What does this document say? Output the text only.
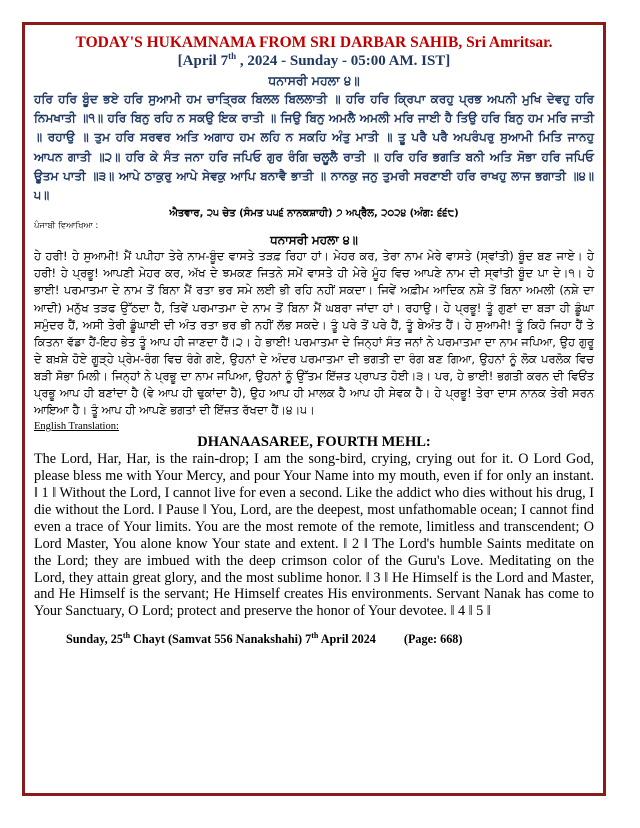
TODAY'S HUKAMNAMA FROM SRI DARBAR SAHIB, Sri Amritsar.

[April 7th , 2024 - Sunday - 05:00 AM. IST]

ਧਨਾਸਰੀ ਮਹਲਾ ੪॥

ਹਰਿ ਹਰਿ ਬੂੰਦ ਭਏ ਹਰਿ ਸੁਆਮੀ ਹਮ ਚਾਤ੍ਰਿਕ ਬਿਲਲ ਬਿਲਲਾਤੀ ॥ ਹਰਿ ਹਰਿ ਕ੍ਰਿਪਾ ਕਰਹੁ ਪ੍ਰਭ ਅਪਨੀ ਮੁਖਿ ਦੇਵਹੁ ਹਰਿ ਨਿਮਖਾਤੀ ॥੧॥ ਹਰਿ ਬਿਨੁ ਰਹਿ ਨ ਸਕਉ ਇਕ ਰਾਤੀ ॥ ਜਿਉ ਬਿਨੁ ਅਮਲੈ ਅਮਲੀ ਮਰਿ ਜਾਈ ਹੈ ਤਿਉ ਹਰਿ ਬਿਨੁ ਹਮ ਮਰਿ ਜਾਤੀ ॥ ਰਹਾਉ ॥ ਤੁਮ ਹਰਿ ਸਰਵਰ ਅਤਿ ਅਗਾਹ ਹਮ ਲਹਿ ਨ ਸਕਹਿ ਅੰਤੁ ਮਾਤੀ ॥ ਤੂ ਪਰੈ ਪਰੈ ਅਪਰੰਪਰੁ ਸੁਆਮੀ ਮਿਤਿ ਜਾਨਹੁ ਆਪਨ ਗਾਤੀ ॥੨॥ ਹਰਿ ਕੇ ਸੰਤ ਜਨਾ ਹਰਿ ਜਪਿਓ ਗੁਰ ਰੰਗਿ ਚਲੂਲੈ ਰਾਤੀ ॥ ਹਰਿ ਹਰਿ ਭਗਤਿ ਬਨੀ ਅਤਿ ਸੋਭਾ ਹਰਿ ਜਪਿਓ ਊਤਮ ਪਾਤੀ ॥੩॥ ਆਪੇ ਠਾਕੁਰੁ ਆਪੇ ਸੇਵਕੁ ਆਪਿ ਬਨਾਵੈ ਭਾਤੀ ॥ ਨਾਨਕੁ ਜਨੁ ਤੁਮਰੀ ਸਰਣਾਈ ਹਰਿ ਰਾਖਹੁ ਲਾਜ ਭਗਾਤੀ ॥੪॥੫॥

ਐਤਵਾਰ, ੨੫ ਚੇਤ (ਸੰਮਤ ੫੫੬ ਨਾਨਕਸ਼ਾਹੀ) ੭ ਅਪ੍ਰੈਲ, ੨੦੨੪ (ਅੰਗ: ੬੬੮)

ਪੰਜਾਬੀ ਵਿਆਖਿਆ :

ਧਨਾਸਰੀ ਮਹਲਾ ੪॥

ਹੇ ਹਰੀ! ਹੇ ਸੁਆਮੀ! ਮੈਂ ਪਪੀਹਾ ਤੇਰੇ ਨਾਮ-ਬੂੰਦ ਵਾਸਤੇ ਤੜਫ਼ ਰਿਹਾ ਹਾਂ। ਮੇਹਰ ਕਰ, ਤੇਰਾ ਨਾਮ ਮੇਰੇ ਵਾਸਤੇ (ਸ੍ਵਾਂਤੀ) ਬੂੰਦ ਬਣ ਜਾਏ। ਹੇ ਹਰੀ! ਹੇ ਪ੍ਰਭੂ! ਆਪਣੀ ਮੇਹਰ ਕਰ, ਅੱਖ ਦੇ ਝਮਕਣ ਜਿਤਨੇ ਸਮੇਂ ਵਾਸਤੇ ਹੀ ਮੇਰੇ ਮੂੰਹ ਵਿਚ ਆਪਣੇ ਨਾਮ ਦੀ ਸ੍ਵਾਂਤੀ ਬੂੰਦ ਪਾ ਦੇ।੧। ਹੇ ਭਾਈ! ਪਰਮਾਤਮਾ ਦੇ ਨਾਮ ਤੋਂ ਬਿਨਾ ਮੈਂ ਰਤਾ ਭਰ ਸਮੇ ਲਈ ਭੀ ਰਹਿ ਨਹੀਂ ਸਕਦਾ। ਜਿਵੇਂ ਅਫ਼ੀਮ ਆਦਿਕ ਨਸ਼ੇ ਤੋਂ ਬਿਨਾ ਅਮਲੀ (ਨਸ਼ੇ ਦਾ ਆਦੀ) ਮਨੁੱਖ ਤੜਫ ਉੱਠਦਾ ਹੈ, ਤਿਵੇਂ ਪਰਮਾਤਮਾ ਦੇ ਨਾਮ ਤੋਂ ਬਿਨਾ ਮੈਂ ਘਬਰਾ ਜਾਂਦਾ ਹਾਂ। ਰਹਾਉ। ਹੇ ਪ੍ਰਭੂ! ਤੂੰ ਗੁਣਾਂ ਦਾ ਬੜਾ ਹੀ ਡੂੰਘਾ ਸਮੁੰਦਰ ਹੈਂ, ਅਸੀ ਤੇਰੀ ਡੂੰਘਾਈ ਦੀ ਅੰਤ ਰਤਾ ਭਰ ਭੀ ਨਹੀਂ ਲੱਭ ਸਕਦੇ। ਤੂੰ ਪਰੇ ਤੋਂ ਪਰੇ ਹੈਂ, ਤੂੰ ਬੇਅੰਤ ਹੈਂ। ਹੇ ਸੁਆਮੀ! ਤੂੰ ਕਿਹੋ ਜਿਹਾ ਹੈਂ ਤੇ ਕਿਤਨਾ ਵੱਡਾ ਹੈਂ-ਇਹ ਭੇਤ ਤੂੰ ਆਪ ਹੀ ਜਾਣਦਾ ਹੈਂ।੨। ਹੇ ਭਾਈ! ਪਰਮਾਤਮਾ ਦੇ ਜਿਨ੍ਹਾਂ ਸੰਤ ਜਨਾਂ ਨੇ ਪਰਮਾਤਮਾ ਦਾ ਨਾਮ ਜਪਿਆ, ਉਹ ਗੁਰੂ ਦੇ ਬਖ਼ਸ਼ੇ ਹੋਏ ਗੂੜ੍ਹੇ ਪ੍ਰੇਮ-ਰੰਗ ਵਿਚ ਰੰਗੇ ਗਏ, ਉਹਨਾਂ ਦੇ ਅੰਦਰ ਪਰਮਾਤਮਾ ਦੀ ਭਗਤੀ ਦਾ ਰੰਗ ਬਣ ਗਿਆ, ਉਹਨਾਂ ਨੂੰ ਲੋਕ ਪਰਲੋਕ ਵਿਚ ਬੜੀ ਸੋਭਾ ਮਿਲੀ। ਜਿਨ੍ਹਾਂ ਨੇ ਪ੍ਰਭੂ ਦਾ ਨਾਮ ਜਪਿਆ, ਉਹਨਾਂ ਨੂੰ ਉੱਤਮ ਇੱਜ਼ਤ ਪ੍ਰਾਪਤ ਹੋਈ।੩। ਪਰ, ਹੇ ਭਾਈ! ਭਗਤੀ ਕਰਨ ਦੀ ਵਿਓਂਤ ਪ੍ਰਭੂ ਆਪ ਹੀ ਬਣਾਂਦਾ ਹੈ (ਵੇ ਆਪ ਹੀ ਢੁਕਾਂਦਾ ਹੈ), ਉਹ ਆਪ ਹੀ ਮਾਲਕ ਹੈ ਆਪ ਹੀ ਸੇਵਕ ਹੈ। ਹੇ ਪ੍ਰਭੂ! ਤੇਰਾ ਦਾਸ ਨਾਨਕ ਤੇਰੀ ਸਰਨ ਆਇਆ ਹੈ। ਤੂੰ ਆਪ ਹੀ ਆਪਣੇ ਭਗਤਾਂ ਦੀ ਇੱਜ਼ਤ ਰੱਖਦਾ ਹੈਂ।੪।੫।

English Translation:

DHANAASAREE, FOURTH MEHL:

The Lord, Har, Har, is the rain-drop; I am the song-bird, crying, crying out for it. O Lord God, please bless me with Your Mercy, and pour Your Name into my mouth, even if for only an instant. ‖ 1 ‖ Without the Lord, I cannot live for even a second. Like the addict who dies without his drug, I die without the Lord. ‖ Pause ‖ You, Lord, are the deepest, most unfathomable ocean; I cannot find even a trace of Your limits. You are the most remote of the remote, limitless and transcendent; O Lord Master, You alone know Your state and extent. ‖ 2 ‖ The Lord's humble Saints meditate on the Lord; they are imbued with the deep crimson color of the Guru's Love. Meditating on the Lord, they attain great glory, and the most sublime honor. ‖ 3 ‖ He Himself is the Lord and Master, and He Himself is the servant; He Himself creates His environments. Servant Nanak has come to Your Sanctuary, O Lord; protect and preserve the honor of Your devotee. ‖ 4 ‖ 5 ‖

Sunday, 25th Chayt (Samvat 556 Nanakshahi) 7th April 2024 (Page: 668)
